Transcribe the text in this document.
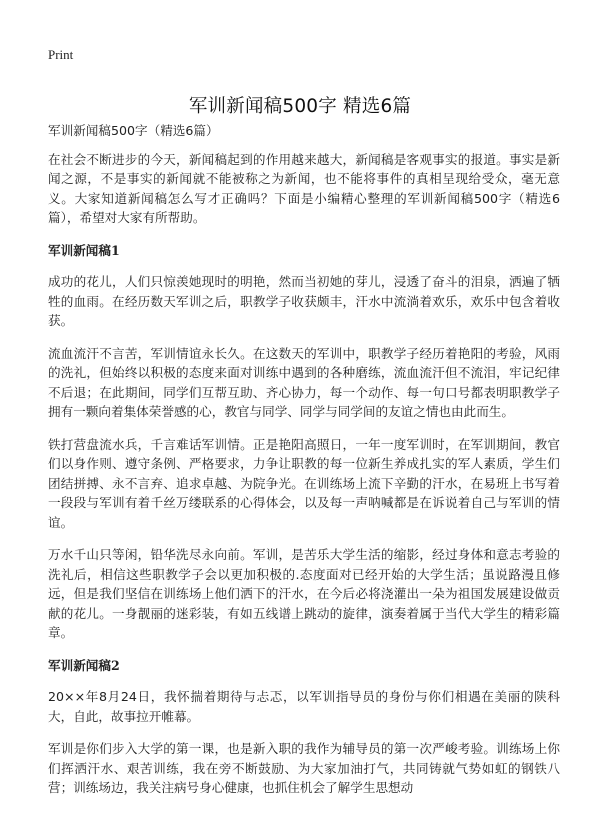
Print
军训新闻稿500字 精选6篇

军训新闻稿500字（精选6篇）

在社会不断进步的今天，新闻稿起到的作用越来越大，新闻稿是客观事实的报道。事实是新闻之源，不是事实的新闻就不能被称之为新闻，也不能将事件的真相呈现给受众，毫无意义。大家知道新闻稿怎么写才正确吗？下面是小编精心整理的军训新闻稿500字（精选6篇），希望对大家有所帮助。

军训新闻稿1

成功的花儿，人们只惊羡她现时的明艳，然而当初她的芽儿，浸透了奋斗的泪泉，洒遍了牺牲的血雨。在经历数天军训之后，职教学子收获颇丰，汗水中流淌着欢乐，欢乐中包含着收获。

流血流汗不言苦，军训情谊永长久。在这数天的军训中，职教学子经历着艳阳的考验，风雨的洗礼，但始终以积极的态度来面对训练中遇到的各种磨练，流血流汗但不流泪，牢记纪律不后退；在此期间，同学们互帮互助、齐心协力，每一个动作、每一句口号都表明职教学子拥有一颗向着集体荣誉感的心，教官与同学、同学与同学间的友谊之情也由此而生。

铁打营盘流水兵，千言难话军训情。正是艳阳高照日，一年一度军训时，在军训期间，教官们以身作则、遵守条例、严格要求，力争让职教的每一位新生养成扎实的军人素质，学生们团结拼搏、永不言弃、追求卓越、为院争光。在训练场上流下辛勤的汗水，在易班上书写着一段段与军训有着千丝万缕联系的心得体会，以及每一声呐喊都是在诉说着自己与军训的情谊。

万水千山只等闲，铅华洗尽永向前。军训，是苦乐大学生活的缩影，经过身体和意志考验的洗礼后，相信这些职教学子会以更加积极的.态度面对已经开始的大学生活；虽说路漫且修远，但是我们坚信在训练场上他们洒下的汗水，在今后必将浇灌出一朵为祖国发展建设做贡献的花儿。一身靓丽的迷彩装，有如五线谱上跳动的旋律，演奏着属于当代大学生的精彩篇章。

军训新闻稿2

20××年8月24日，我怀揣着期待与忐忑，以军训指导员的身份与你们相遇在美丽的陕科大，自此，故事拉开帷幕。

军训是你们步入大学的第一课，也是新入职的我作为辅导员的第一次严峻考验。训练场上你们挥洒汗水、艰苦训练，我在旁不断鼓励、为大家加油打气，共同铸就气势如虹的钢铁八营；训练场边，我关注病号身心健康，也抓住机会了解学生思想动
